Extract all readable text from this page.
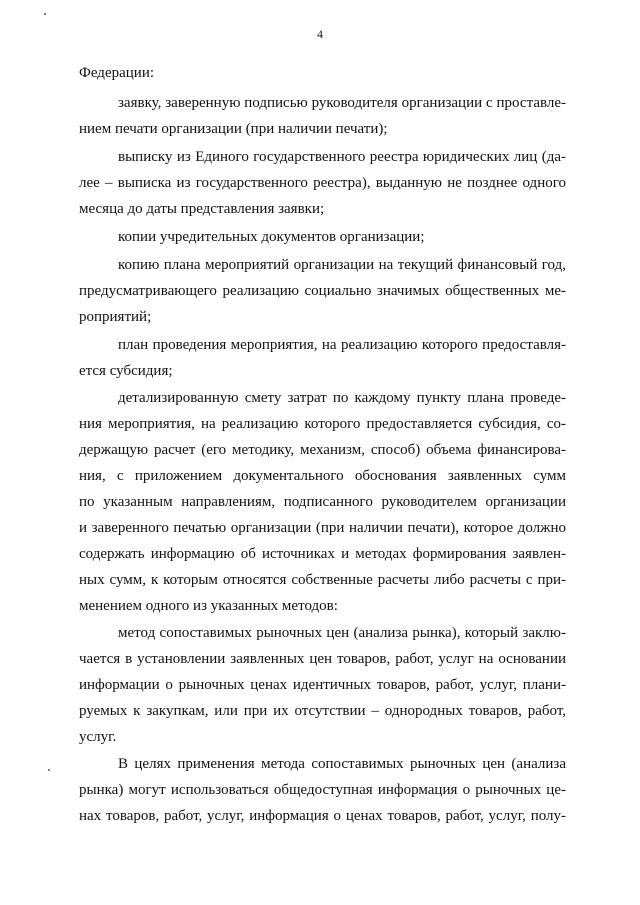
4
Федерации:
заявку, заверенную подписью руководителя организации с проставле-
нием печати организации (при наличии печати);
выписку из Единого государственного реестра юридических лиц (да-
лее – выписка из государственного реестра), выданную не позднее одного
месяца до даты представления заявки;
копии учредительных документов организации;
копию плана мероприятий организации на текущий финансовый год,
предусматривающего реализацию социально значимых общественных ме-
роприятий;
план проведения мероприятия, на реализацию которого предоставля-
ется субсидия;
детализированную смету затрат по каждому пункту плана проведе-
ния мероприятия, на реализацию которого предоставляется субсидия, со-
держащую расчет (его методику, механизм, способ) объема финансирова-
ния, с приложением документального обоснования заявленных сумм
по указанным направлениям, подписанного руководителем организации
и заверенного печатью организации (при наличии печати), которое должно
содержать информацию об источниках и методах формирования заявлен-
ных сумм, к которым относятся собственные расчеты либо расчеты с при-
менением одного из указанных методов:
метод сопоставимых рыночных цен (анализа рынка), который заклю-
чается в установлении заявленных цен товаров, работ, услуг на основании
информации о рыночных ценах идентичных товаров, работ, услуг, плани-
руемых к закупкам, или при их отсутствии – однородных товаров, работ,
услуг.
В целях применения метода сопоставимых рыночных цен (анализа
рынка) могут использоваться общедоступная информация о рыночных це-
нах товаров, работ, услуг, информация о ценах товаров, работ, услуг, полу-
